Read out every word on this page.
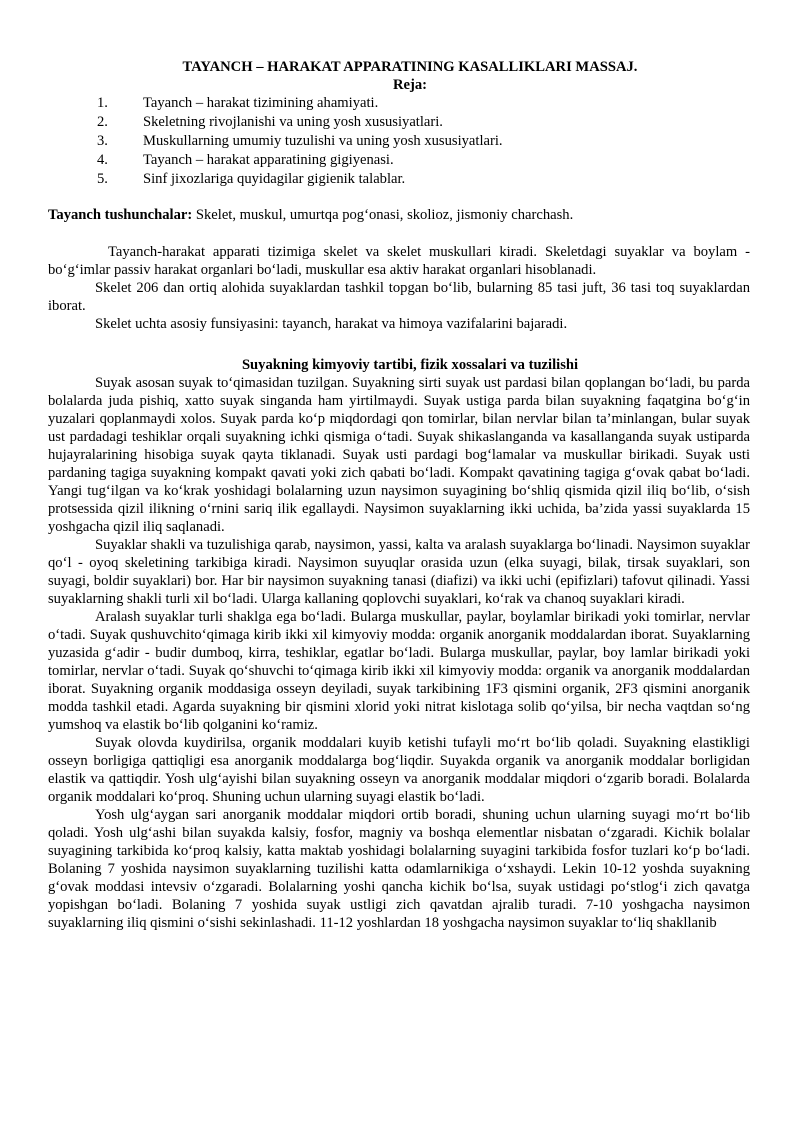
TAYANCH – HARAKAT APPARATINING KASALLIKLARI MASSAJ.
Reja:
1. Tayanch – harakat tizimining ahamiyati.
2. Skeletning rivojlanishi va uning yosh xususiyatlari.
3. Muskullarning umumiy tuzulishi va uning yosh xususiyatlari.
4. Tayanch – harakat apparatining gigiyenasi.
5. Sinf jixozlariga quyidagilar gigienik talablar.
Tayanch tushunchalar: Skelet, muskul, umurtqa pog‘onasi, skolioz, jismoniy charchash.

Tayanch-harakat apparati tizimiga skelet va skelet muskullari kiradi. Skeletdagi suyaklar va boylam - bo‘g‘imlar passiv harakat organlari bo‘ladi, muskullar esa aktiv harakat organlari hisoblanadi.

Skelet 206 dan ortiq alohida suyaklardan tashkil topgan bo‘lib, bularning 85 tasi juft, 36 tasi toq suyaklardan iborat.

Skelet uchta asosiy funsiyasini: tayanch, harakat va himoya vazifalarini bajaradi.

Suyakning kimyoviy tartibi, fizik xossalari va tuzilishi

Suyak asosan suyak to‘qimasidan tuzilgan. Suyakning sirti suyak ust pardasi bilan qoplangan bo‘ladi, bu parda bolalarda juda pishiq, xatto suyak singanda ham yirtilmaydi. Suyak ustiga parda bilan suyakning faqatgina bo‘g‘in yuzalari qoplanmaydi xolos. Suyak parda ko‘p miqdordagi qon tomirlar, bilan nervlar bilan ta’minlangan, bular suyak ust pardadagi teshiklar orqali suyakning ichki qismiga o‘tadi. Suyak shikaslanganda va kasallanganda suyak ustiparda hujayralarining hisobiga suyak qayta tiklanadi. Suyak usti pardagi bog‘lamalar va muskullar birikadi. Suyak usti pardaning tagiga suyakning kompakt qavati yoki zich qabati bo‘ladi. Kompakt qavatining tagiga g‘ovak qabat bo‘ladi. Yangi tug‘ilgan va ko‘krak yoshidagi bolalarning uzun naysimon suyagining bo‘shliq qismida qizil iliq bo‘lib, o‘sish protsessida qizil ilikning o‘rnini sariq ilik egallaydi. Naysimon suyaklarning ikki uchida, ba’zida yassi suyaklarda 15 yoshgacha qizil iliq saqlanadi.

Suyaklar shakli va tuzulishiga qarab, naysimon, yassi, kalta va aralash suyaklarga bo‘linadi. Naysimon suyaklar qo‘l - oyoq skeletining tarkibiga kiradi. Naysimon suyuqlar orasida uzun (elka suyagi, bilak, tirsak suyaklari, son suyagi, boldir suyaklari) bor. Har bir naysimon suyakning tanasi (diafizi) va ikki uchi (epifizlari) tafovut qilinadi. Yassi suyaklarning shakli turli xil bo‘ladi. Ularga kallaning qoplovchi suyaklari, ko‘rak va chanoq suyaklari kiradi.

Aralash suyaklar turli shaklga ega bo‘ladi. Bularga muskullar, paylar, boylamlar birikadi yoki tomirlar, nervlar o‘tadi. Suyak qushuvchito‘qimaga kirib ikki xil kimyoviy modda: organik anorganik moddalardan iborat. Suyaklarning yuzasida g‘adir - budir dumboq, kirra, teshiklar, egatlar bo‘ladi. Bularga muskullar, paylar, boy lamlar birikadi yoki tomirlar, nervlar o‘tadi. Suyak qo‘shuvchi to‘qimaga kirib ikki xil kimyoviy modda: organik va anorganik moddalardan iborat. Suyakning organik moddasiga osseyn deyiladi, suyak tarkibining 1F3 qismini organik, 2F3 qismini anorganik modda tashkil etadi. Agarda suyakning bir qismini xlorid yoki nitrat kislotaga solib qo‘yilsa, bir necha vaqtdan so‘ng yumshoq va elastik bo‘lib qolganini ko‘ramiz.

Suyak olovda kuydirilsa, organik moddalari kuyib ketishi tufayli mo‘rt bo‘lib qoladi. Suyakning elastikligi osseyn borligiga qattiqligi esa anorganik moddalarga bog‘liqdir. Suyakda organik va anorganik moddalar borligidan elastik va qattiqdir. Yosh ulg‘ayishi bilan suyakning osseyn va anorganik moddalar miqdori o‘zgarib boradi. Bolalarda organik moddalari ko‘proq. Shuning uchun ularning suyagi elastik bo‘ladi.

Yosh ulg‘aygan sari anorganik moddalar miqdori ortib boradi, shuning uchun ularning suyagi mo‘rt bo‘lib qoladi. Yosh ulg‘ashi bilan suyakda kalsiy, fosfor, magniy va boshqa elementlar nisbatan o‘zgaradi. Kichik bolalar suyagining tarkibida ko‘proq kalsiy, katta maktab yoshidagi bolalarning suyagini tarkibida fosfor tuzlari ko‘p bo‘ladi. Bolaning 7 yoshida naysimon suyaklarning tuzilishi katta odamlarnikiga o‘xshaydi. Lekin 10-12 yoshda suyakning g‘ovak moddasi intevsiv o‘zgaradi. Bolalarning yoshi qancha kichik bo‘lsa, suyak ustidagi po‘stlog‘i zich qavatga yopishgan bo‘ladi. Bolaning 7 yoshida suyak ustligi zich qavatdan ajralib turadi. 7-10 yoshgacha naysimon suyaklarning iliq qismini o‘sishi sekinlashadi. 11-12 yoshlardan 18 yoshgacha naysimon suyaklar to‘liq shakllanib
